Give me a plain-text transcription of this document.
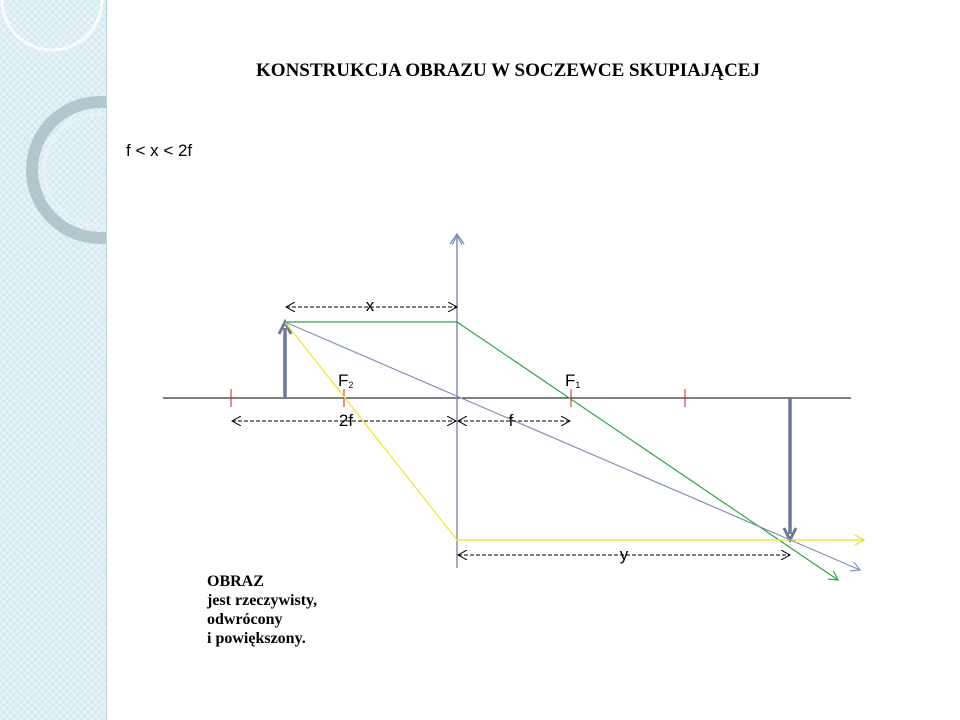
KONSTRUKCJA OBRAZU W SOCZEWCE SKUPIAJĄCEJ
f < x < 2f
x
2f	f
y
F2	F1
OBRAZ
jest rzeczywisty,
odwrócony
i powiększony.
